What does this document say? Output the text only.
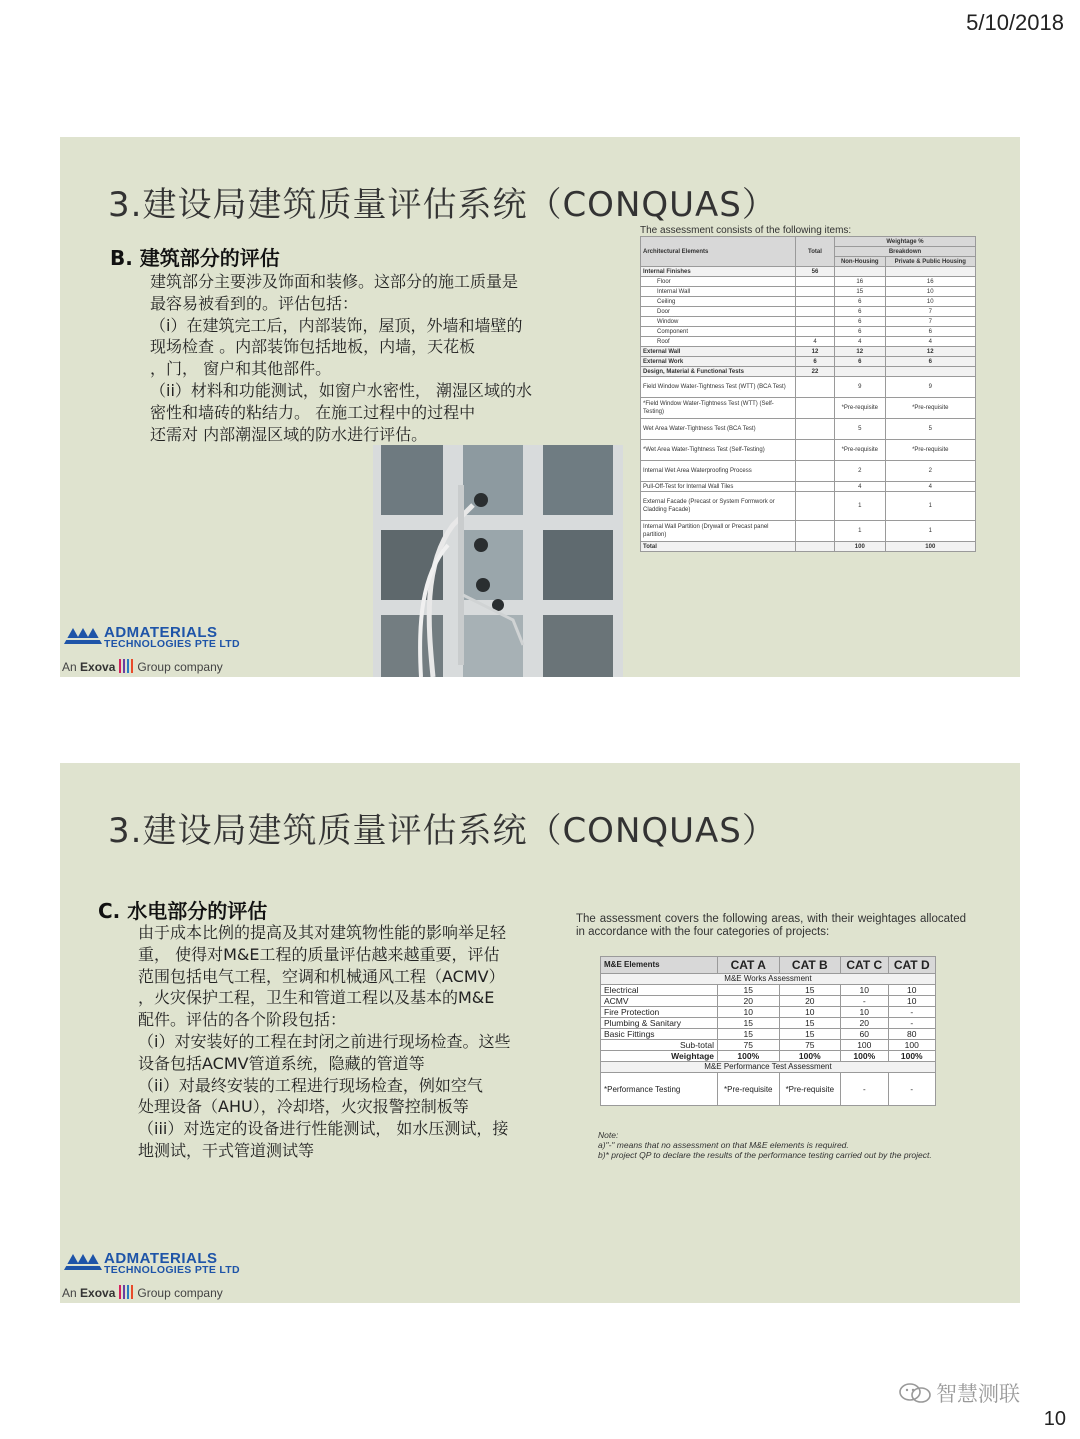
5/10/2018
3.建设局建筑质量评估系统（CONQUAS）
B. 建筑部分的评估
建筑部分主要涉及饰面和装修。这部分的施工质量是
最容易被看到的。评估包括：
（i）在建筑完工后，内部装饰，屋顶，外墙和墙壁的
现场检查 。内部装饰包括地板，内墙，天花板
，门， 窗户和其他部件。
（ii）材料和功能测试，如窗户水密性， 潮湿区域的水
密性和墙砖的粘结力。 在施工过程中的过程中
还需对 内部潮湿区域的防水进行评估。
The assessment consists of the following items:
Architectural Elements	Total	Weightage %	
		Breakdown	
		Non-Housing	Private & Public Housing
Internal Finishes	56		
Floor		16	16
Internal Wall		15	10
Ceiling		6	10
Door		6	7
Window		6	7
Component		6	6
Roof	4	4	4
External Wall	12	12	12
External Work	6	6	6
Design, Material & Functional Tests	22		
Field Window Water-Tightness Test (WTT) (BCA Test)		9	9
*Field Window Water-Tightness Test (WTT) (Self-Testing)		*Pre-requisite	*Pre-requisite
Wet Area Water-Tightness Test (BCA Test)		5	5
*Wet Area Water-Tightness Test (Self-Testing)		*Pre-requisite	*Pre-requisite
Internal Wet Area Waterproofing Process		2	2
Pull-Off-Test for Internal Wall Tiles		4	4
External Facade (Precast or System Formwork or Cladding Facade)		1	1
Internal Wall Partition (Drywall or Precast panel partition)		1	1
Total		100	100
ADMATERIALS
TECHNOLOGIES PTE LTD
An Exova Group company
3.建设局建筑质量评估系统（CONQUAS）
C. 水电部分的评估
由于成本比例的提高及其对建筑物性能的影响举足轻
重， 使得对M&E工程的质量评估越来越重要，评估
范围包括电气工程，空调和机械通风工程（ACMV）
，火灾保护工程，卫生和管道工程以及基本的M&E
配件。评估的各个阶段包括：
（i）对安装好的工程在封闭之前进行现场检查。这些
设备包括ACMV管道系统，隐藏的管道等
（ii）对最终安装的工程进行现场检查，例如空气
处理设备（AHU），冷却塔，火灾报警控制板等
（iii）对选定的设备进行性能测试， 如水压测试，接
地测试，干式管道测试等
The assessment covers the following areas, with their weightages allocated in accordance with the four categories of projects:
M&E Elements	CAT A	CAT B	CAT C	CAT D
M&E Works Assessment				
Electrical	15	15	10	10
ACMV	20	20	-	10
Fire Protection	10	10	10	-
Plumbing & Sanitary	15	15	20	-
Basic Fittings	15	15	60	80
Sub-total	75	75	100	100
Weightage	100%	100%	100%	100%
M&E Performance Test Assessment				
*Performance Testing	*Pre-requisite	*Pre-requisite	-	-
Note:
a)"-" means that no assessment on that M&E elements is required.
b)* project QP to declare the results of the performance testing carried out by the project.
ADMATERIALS
TECHNOLOGIES PTE LTD
An Exova Group company
智慧测联
10
